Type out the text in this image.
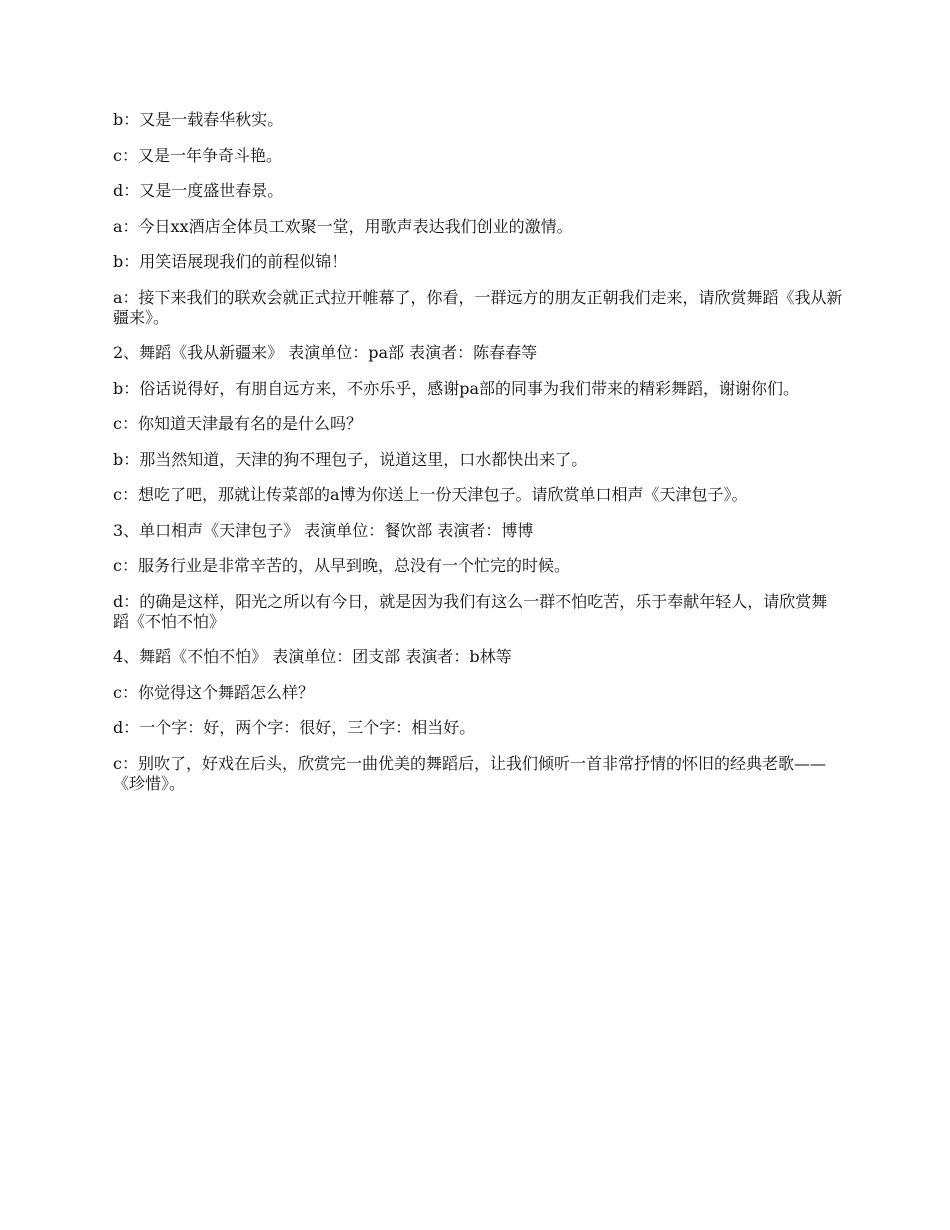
b：又是一载春华秋实。

c：又是一年争奇斗艳。

d：又是一度盛世春景。

a：今日xx酒店全体员工欢聚一堂，用歌声表达我们创业的激情。

b：用笑语展现我们的前程似锦！

a：接下来我们的联欢会就正式拉开帷幕了，你看，一群远方的朋友正朝我们走来，请欣赏舞蹈《我从新疆来》。

2、舞蹈《我从新疆来》 表演单位：pa部 表演者：陈春春等

b：俗话说得好，有朋自远方来，不亦乐乎，感谢pa部的同事为我们带来的精彩舞蹈，谢谢你们。

c：你知道天津最有名的是什么吗？

b：那当然知道，天津的狗不理包子，说道这里，口水都快出来了。

c：想吃了吧，那就让传菜部的a博为你送上一份天津包子。请欣赏单口相声《天津包子》。

3、单口相声《天津包子》 表演单位：餐饮部 表演者：博博

c：服务行业是非常辛苦的，从早到晚，总没有一个忙完的时候。

d：的确是这样，阳光之所以有今日，就是因为我们有这么一群不怕吃苦，乐于奉献年轻人，请欣赏舞蹈《不怕不怕》

4、舞蹈《不怕不怕》 表演单位：团支部 表演者：b林等

c：你觉得这个舞蹈怎么样？

d：一个字：好，两个字：很好，三个字：相当好。

c：别吹了，好戏在后头，欣赏完一曲优美的舞蹈后，让我们倾听一首非常抒情的怀旧的经典老歌——《珍惜》。
